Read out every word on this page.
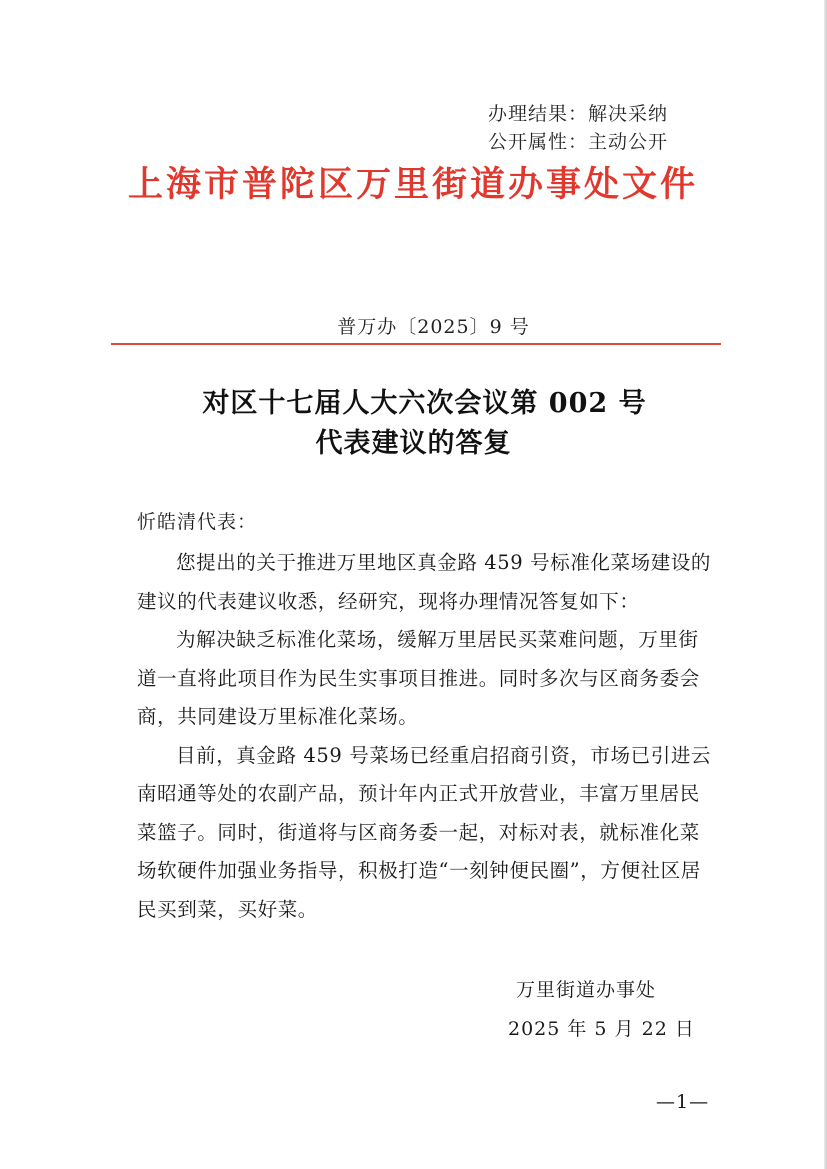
办理结果：解决采纳
公开属性：主动公开
上海市普陀区万里街道办事处文件
普万办〔2025〕9 号
对区十七届人大六次会议第 002 号
代表建议的答复
忻皓清代表：

您提出的关于推进万里地区真金路 459 号标准化菜场建设的建议的代表建议收悉，经研究，现将办理情况答复如下：

为解决缺乏标准化菜场，缓解万里居民买菜难问题，万里街道一直将此项目作为民生实事项目推进。同时多次与区商务委会商，共同建设万里标准化菜场。

目前，真金路 459 号菜场已经重启招商引资，市场已引进云南昭通等处的农副产品，预计年内正式开放营业，丰富万里居民菜篮子。同时，街道将与区商务委一起，对标对表，就标准化菜场软硬件加强业务指导，积极打造“一刻钟便民圈”，方便社区居民买到菜，买好菜。

万里街道办事处
2025 年 5 月 22 日
—1—
